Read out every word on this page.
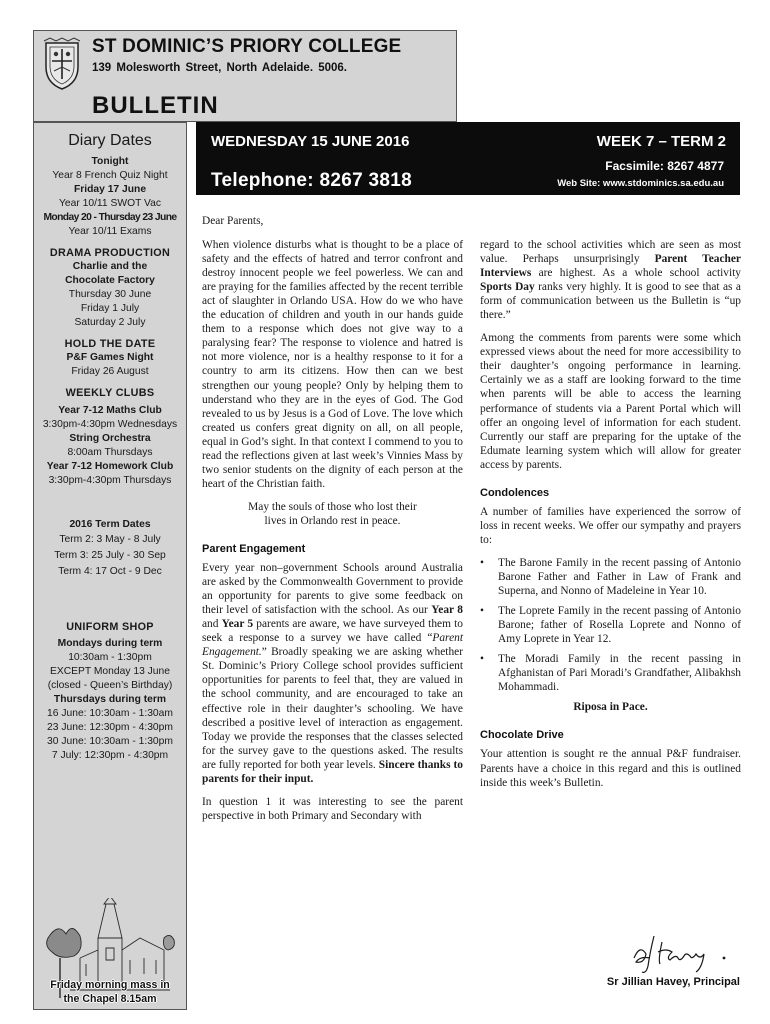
ST DOMINIC’S PRIORY COLLEGE
139 Molesworth Street, North Adelaide. 5006.
BULLETIN
WEDNESDAY 15 JUNE 2016	WEEK 7 – TERM 2
Telephone: 8267 3818
Facsimile: 8267 4877
Web Site: www.stdominics.sa.edu.au
Diary Dates
Tonight
Year 8 French Quiz Night
Friday 17 June
Year 10/11 SWOT Vac
Monday 20 - Thursday 23 June
Year 10/11 Exams
DRAMA PRODUCTION
Charlie and the
Chocolate Factory
Thursday 30 June
Friday 1 July
Saturday 2 July
HOLD THE DATE
P&F Games Night
Friday 26 August
WEEKLY CLUBS
Year 7-12 Maths Club
3:30pm-4:30pm Wednesdays
String Orchestra
8:00am Thursdays
Year 7-12 Homework Club
3:30pm-4:30pm Thursdays
2016 Term Dates
Term 2: 3 May - 8 July
Term 3: 25 July - 30 Sep
Term 4: 17 Oct - 9 Dec
UNIFORM SHOP
Mondays during term
10:30am - 1:30pm
EXCEPT Monday 13 June
(closed - Queen’s Birthday)
Thursdays during term
16 June: 10:30am - 1:30am
23 June: 12:30pm - 4:30pm
30 June: 10:30am - 1:30pm
7 July: 12:30pm - 4:30pm
Friday morning mass in
the Chapel 8.15am

Dear Parents,

When violence disturbs what is thought to be a place of safety and the effects of hatred and terror confront and destroy innocent people we feel powerless. We can and are praying for the families affected by the recent terrible act of slaughter in Orlando USA. How do we who have the education of children and youth in our hands guide them to a response which does not give way to a paralysing fear? The response to violence and hatred is not more violence, nor is a healthy response to it for a country to arm its citizens. How then can we best strengthen our young people? Only by helping them to understand who they are in the eyes of God. The God revealed to us by Jesus is a God of Love. The love which created us confers great dignity on all, on all people, equal in God’s sight. In that context I commend to you to read the reflections given at last week’s Vinnies Mass by two senior students on the dignity of each person at the heart of the Christian faith.

May the souls of those who lost their
lives in Orlando rest in peace.
Parent Engagement

Every year non–government Schools around Australia are asked by the Commonwealth Government to provide an opportunity for parents to give some feedback on their level of satisfaction with the school. As our Year 8 and Year 5 parents are aware, we have surveyed them to seek a response to a survey we have called “Parent Engagement.” Broadly speaking we are asking whether St. Dominic’s Priory College school provides sufficient opportunities for parents to feel that, they are valued in the school community, and are encouraged to take an effective role in their daughter’s schooling. We have described a positive level of interaction as engagement. Today we provide the responses that the classes selected for the survey gave to the questions asked. The results are fully reported for both year levels. Sincere thanks to parents for their input.

In question 1 it was interesting to see the parent perspective in both Primary and Secondary with

regard to the school activities which are seen as most value. Perhaps unsurprisingly Parent Teacher Interviews are highest. As a whole school activity Sports Day ranks very highly. It is good to see that as a form of communication between us the Bulletin is “up there.”

Among the comments from parents were some which expressed views about the need for more accessibility to their daughter’s ongoing performance in learning. Certainly we as a staff are looking forward to the time when parents will be able to access the learning performance of students via a Parent Portal which will offer an ongoing level of information for each student. Currently our staff are preparing for the uptake of the Edumate learning system which will allow for greater access by parents.

Condolences

A number of families have experienced the sorrow of loss in recent weeks. We offer our sympathy and prayers to:

• The Barone Family in the recent passing of Antonio Barone Father and Father in Law of Frank and Superna, and Nonno of Madeleine in Year 10.
• The Loprete Family in the recent passing of Antonio Barone; father of Rosella Loprete and Nonno of Amy Loprete in Year 12.
• The Moradi Family in the recent passing in Afghanistan of Pari Moradi’s Grandfather, Alibakhsh Mohammadi.
Riposa in Pace.
Chocolate Drive

Your attention is sought re the annual P&F fundraiser. Parents have a choice in this regard and this is outlined inside this week’s Bulletin.

Sr Jillian Havey, Principal
